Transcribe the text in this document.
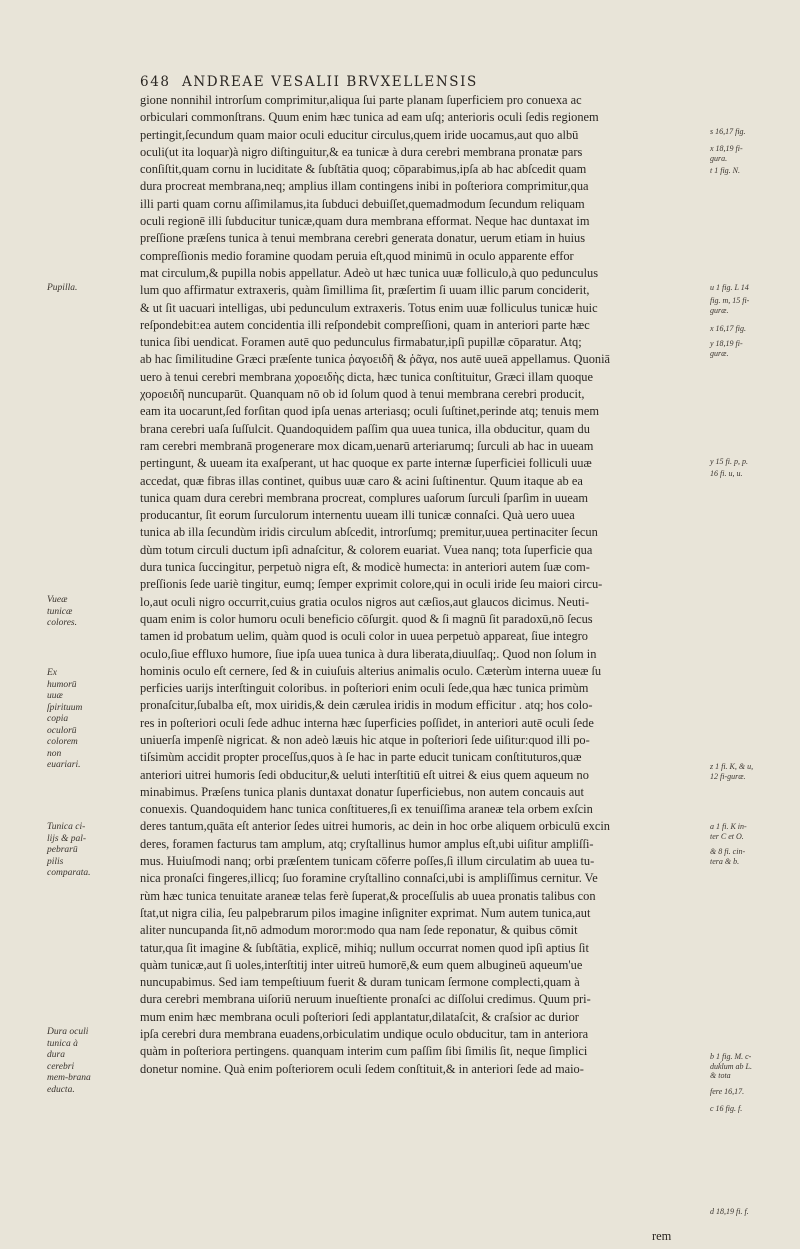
648 ANDREAE VESALII BRVXELLENSIS
gione nonnihil introrſum comprimitur,aliqua ſui parte planam ſuperficiem pro conuexa ac
orbiculari commonſtrans. Quum enim hæc tunica ad eam uſq; anterioris oculi ſedis regionem
pertingit,ſecundum quam maior oculi educitur circulus,quem iride uocamus,aut quo albū
oculi(ut ita loquar)à nigro diſtinguitur,& ea tunicæ à dura cerebri membrana pronatæ pars
conſiſtit,quam cornu in luciditate & ſubſtātia quoq; cōparabimus,ipſa ab hac abſcedit quam
dura procreat membrana,neq; amplius illam contingens inibi in poſteriora comprimitur,qua
illi parti quam cornu aſſimilamus,ita ſubduci debuiſſet,quemadmodum ſecundum reliquam
oculi regionē illi ſubducitur tunicæ,quam dura membrana efformat. Neque hac duntaxat im
preſſione præſens tunica à tenui membrana cerebri generata donatur, uerum etiam in huius
compreſſionis medio foramine quodam peruia eſt,quod minimū in oculo apparente effor
mat circulum,& pupilla nobis appellatur. Adeò ut hæc tunica uuæ folliculo,à quo pedunculus
lum quo affirmatur extraxeris, quàm ſimillima ſit, præſertim ſi uuam illic parum conciderit,
& ut ſit uacuari intelligas, ubi pedunculum extraxeris. Totus enim uuæ folliculus tunicæ huic
reſpondebit:ea autem concidentia illi reſpondebit compreſſioni, quam in anteriori parte hæc
tunica ſibi uendicat. Foramen autē quo pedunculus firmabatur,ipſi pupillæ cōparatur. Atq;
ab hac ſimilitudine Græci præſente tunica ῥαγοειδῆ & ῥᾶγα, nos autē uueā appellamus. Quoniā
uero à tenui cerebri membrana χοροειδὴς dicta, hæc tunica conſtituitur, Græci illam quoque
χοροειδῆ nuncuparūt. Quanquam nō ob id ſolum quod à tenui membrana cerebri producit,
eam ita uocarunt,ſed forſitan quod ipſa uenas arteriasq; oculi ſuſtinet,perinde atq; tenuis mem
brana cerebri uaſa ſuſſulcit. Quandoquidem paſſim qua uuea tunica, illa obducitur, quam du
ram cerebri membranā progenerare mox dicam,uenarū arteriarumq; ſurculi ab hac in uueam
pertingunt, & uueam ita exaſperant, ut hac quoque ex parte internæ ſuperficiei folliculi uuæ
accedat, quæ fibras illas continet, quibus uuæ caro & acini ſuſtinentur. Quum itaque ab ea
tunica quam dura cerebri membrana procreat, complures uaſorum ſurculi ſparſim in uueam
producantur, ſit eorum ſurculorum internentu uueam illi tunicæ connaſci. Quà uero uuea
tunica ab illa ſecundùm iridis circulum abſcedit, introrſumq; premitur,uuea pertinaciter ſecun
dùm totum circuli ductum ipſi adnaſcitur, & colorem euariat. Vuea nanq; tota ſuperficie qua
dura tunica ſuccingitur, perpetuò nigra eſt, & modicè humecta: in anteriori autem ſuæ com-
preſſionis ſede uariè tingitur, eumq; ſemper exprimit colore,qui in oculi iride ſeu maiori circu-
lo,aut oculi nigro occurrit,cuius gratia oculos nigros aut cæſios,aut glaucos dicimus. Neuti-
quam enim is color humoru oculi beneficio cōſurgit. quod & ſi magnū ſit paradoxū,nō ſecus
tamen id probatum uelim, quàm quod is oculi color in uuea perpetuò appareat, ſiue integro
oculo,ſiue effluxo humore, ſiue ipſa uuea tunica à dura liberata,diuulſaq;. Quod non ſolum in
hominis oculo eſt cernere, ſed & in cuiuſuis alterius animalis oculo. Cæterùm interna uueæ ſu
perficies uarijs interſtinguit coloribus. in poſteriori enim oculi ſede,qua hæc tunica primùm
pronaſcitur,ſubalba eſt, mox uiridis,& dein cærulea iridis in modum efficitur . atq; hos colo-
res in poſteriori oculi ſede adhuc interna hæc ſuperficies poſſidet, in anteriori autē oculi ſede
uniuerſa impenſè nigricat. & non adeò læuis hic atque in poſteriori ſede uiſitur:quod illi po-
tiſsimùm accidit propter proceſſus,quos à ſe hac in parte educit tunicam conſtituturos,quæ
anteriori uitrei humoris ſedi obducitur,& ueluti interſtitiū eſt uitrei & eius quem aqueum no
minabimus. Præſens tunica planis duntaxat donatur ſuperficiebus, non autem concauis aut
conuexis. Quandoquidem hanc tunica conſtitueres,ſi ex tenuiſſima araneæ tela orbem exſcin
deres tantum,quāta eſt anterior ſedes uitrei humoris, ac dein in hoc orbe aliquem orbiculū excin
deres, foramen facturus tam amplum, atq; cryſtallinus humor amplus eſt,ubi uiſitur ampliſſi-
mus. Huiuſmodi nanq; orbi præſentem tunicam cōferre poſſes,ſi illum circulatim ab uuea tu-
nica pronaſci fingeres,illicq; ſuo foramine cryſtallino connaſci,ubi is ampliſſimus cernitur. Ve
rùm hæc tunica tenuitate araneæ telas ferè ſuperat,& proceſſulis ab uuea pronatis talibus con
ſtat,ut nigra cilia, ſeu palpebrarum pilos imagine inſigniter exprimat. Num autem tunica,aut
aliter nuncupanda ſit,nō admodum moror:modo qua nam ſede reponatur, & quibus cōmit
tatur,qua ſit imagine & ſubſtātia, explicē, mihiq; nullum occurrat nomen quod ipſi aptius ſit
quàm tunicæ,aut ſi uoles,interſtitij inter uitreū humorē,& eum quem albugineū aqueum'ue
nuncupabimus. Sed iam tempeſtiuum fuerit & duram tunicam ſermone complecti,quam à
dura cerebri membrana uiſoriū neruum inueſtiente pronaſci ac diſſolui credimus. Quum pri-
mum enim hæc membrana oculi poſteriori ſedi applantatur,dilataſcit, & craſsior ac durior
ipſa cerebri dura membrana euadens,orbiculatim undique oculo obducitur, tam in anteriora
quàm in poſteriora pertingens. quanquam interim cum paſſim ſibi ſimilis ſit, neque ſimplici
donetur nomine. Quà enim poſteriorem oculi ſedem conſtituit,& in anteriori ſede ad maio-
Pupilla.
Vueæ tunicæ colores.
Ex humorū uuæ ſpirituum copia oculorū colorem non euariari.
Tunica ci-lijs & pal-pebrarū pilis comparata.
Dura oculi tunica à dura cerebri mem-brana educta.
s 16,17 fig.
x 18,19 fi-gura.
t 1 fig. N.
u 1 fig. L 14
fig. m, 15 fi-guræ.
x 16,17 fig.
y 18,19 fi-guræ.
y 15 fi. p, p.
16 fi. u, u.
z 1 fi. K, & u, 12 fi-guræ.
a 1 fi. K in-ter C et O.
& 8 fi. cin-tera & b.
b 1 fig. M. c-duḱlum ab L. & tota
fere 16,17.
c 16 fig. f.
d 18,19 fi. f.
rem
